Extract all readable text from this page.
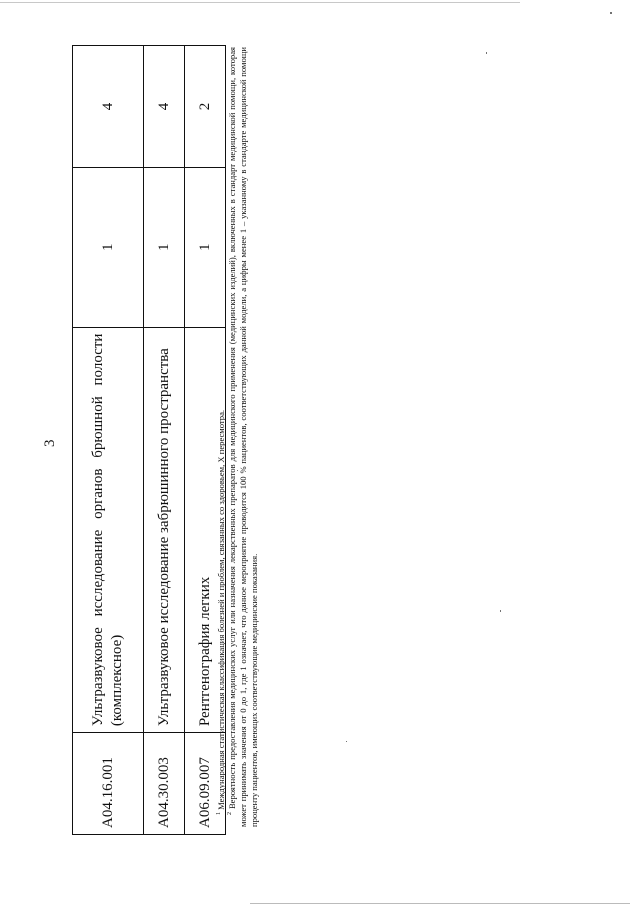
3
A04.16.001	Ультразвуковое исследование органов брюшной полости (комплексное)	1	4
A04.30.003	Ультразвуковое исследование забрюшинного пространства	1	4
A06.09.007	Рентгенография легких	1	2

$^1$ Международная статистическая классификация болезней и проблем, связанных со здоровьем, X пересмотра.

$^2$ Вероятность предоставления медицинских услуг или назначения лекарственных препаратов для медицинского применения (медицинских изделий), включенных в стандарт медицинской помощи, которая может принимать значения от 0 до 1, где 1 означает, что данное мероприятие проводится 100 % пациентов, соответствующих данной модели, а цифры менее 1 – указанному в стандарте медицинской помощи проценту пациентов, имеющих соответствующие медицинские показания.
